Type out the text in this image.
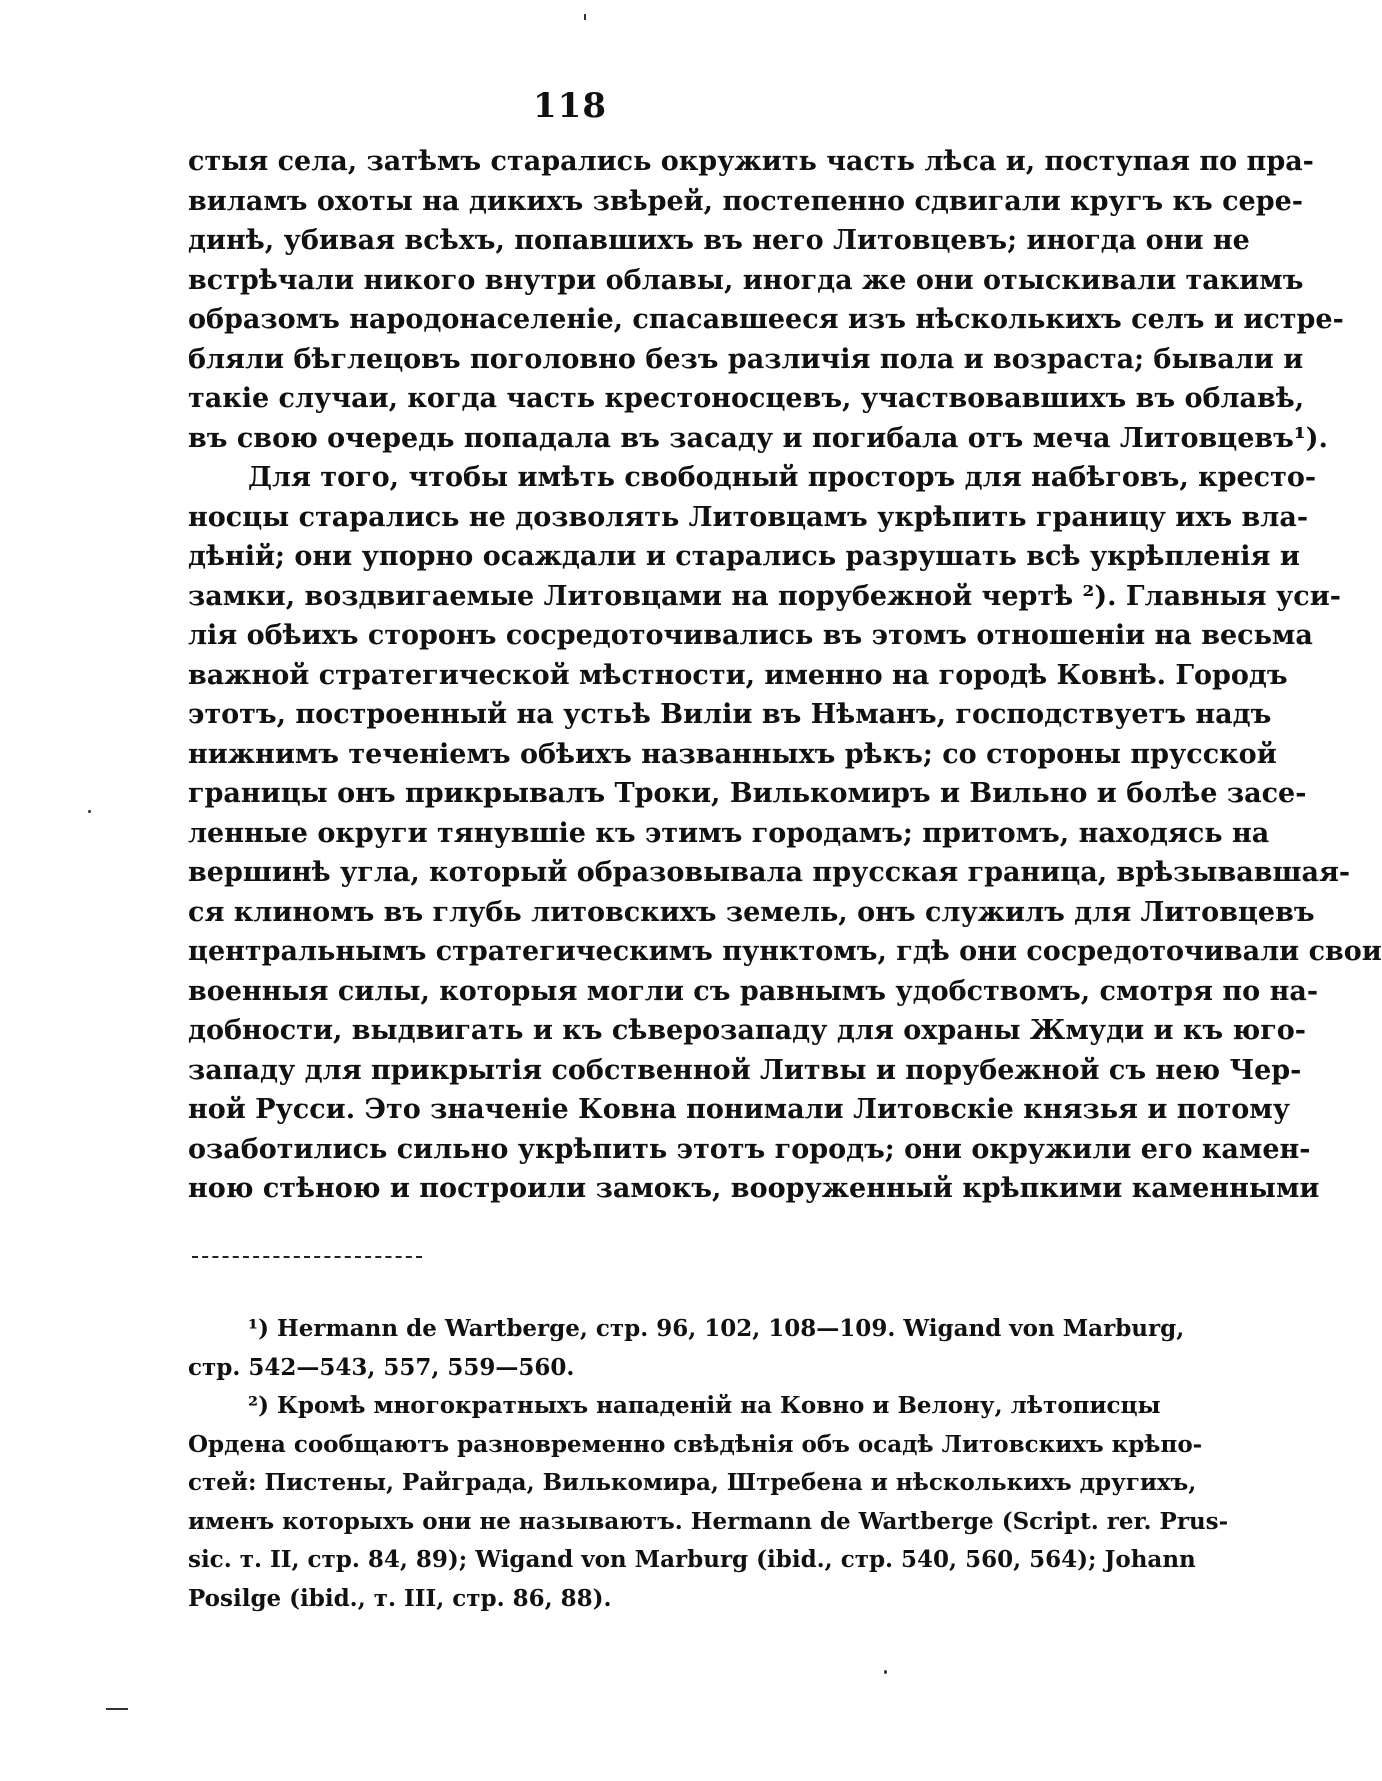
118
стыя села, затѣмъ старались окружить часть лѣса и, поступая по пра-
виламъ охоты на дикихъ звѣрей, постепенно сдвигали кругъ къ сере-
динѣ, убивая всѣхъ, попавшихъ въ него Литовцевъ; иногда они не
встрѣчали никого внутри облавы, иногда же они отыскивали такимъ
образомъ народонаселеніе, спасавшееся изъ нѣсколькихъ селъ и истре-
бляли бѣглецовъ поголовно безъ различія пола и возраста; бывали и
такіе случаи, когда часть крестоносцевъ, участвовавшихъ въ облавѣ,
въ свою очередь попадала въ засаду и погибала отъ меча Литовцевъ¹).
Для того, чтобы имѣть свободный просторъ для набѣговъ, кресто-
носцы старались не дозволять Литовцамъ укрѣпить границу ихъ вла-
дѣній; они упорно осаждали и старались разрушать всѣ укрѣпленія и
замки, воздвигаемые Литовцами на порубежной чертѣ ²). Главныя уси-
лія обѣихъ сторонъ сосредоточивались въ этомъ отношеніи на весьма
важной стратегической мѣстности, именно на городѣ Ковнѣ. Городъ
этотъ, построенный на устьѣ Виліи въ Нѣманъ, господствуетъ надъ
нижнимъ теченіемъ обѣихъ названныхъ рѣкъ; со стороны прусской
границы онъ прикрывалъ Троки, Вилькомиръ и Вильно и болѣе засе-
ленные округи тянувшіе къ этимъ городамъ; притомъ, находясь на
вершинѣ угла, который образовывала прусская граница, врѣзывавшая-
ся клиномъ въ глубь литовскихъ земель, онъ служилъ для Литовцевъ
центральнымъ стратегическимъ пунктомъ, гдѣ они сосредоточивали свои
военныя силы, которыя могли съ равнымъ удобствомъ, смотря по на-
добности, выдвигать и къ сѣверозападу для охраны Жмуди и къ юго-
западу для прикрытія собственной Литвы и порубежной съ нею Чер-
ной Русси. Это значеніе Ковна понимали Литовскіе князья и потому
озаботились сильно укрѣпить этотъ городъ; они окружили его камен-
ною стѣною и построили замокъ, вооруженный крѣпкими каменными
¹) Hermann de Wartberge, стр. 96, 102, 108—109. Wigand von Marburg,
стр. 542—543, 557, 559—560.
²) Кромѣ многократныхъ нападеній на Ковно и Велону, лѣтописцы
Ордена сообщаютъ разновременно свѣдѣнія объ осадѣ Литовскихъ крѣпо-
стей: Пистены, Райграда, Вилькомира, Штребена и нѣсколькихъ другихъ,
именъ которыхъ они не называютъ. Hermann de Wartberge (Script. rer. Prus-
sic. т. II, стр. 84, 89); Wigand von Marburg (ibid., стр. 540, 560, 564); Johann
Posilge (ibid., т. III, стр. 86, 88).
